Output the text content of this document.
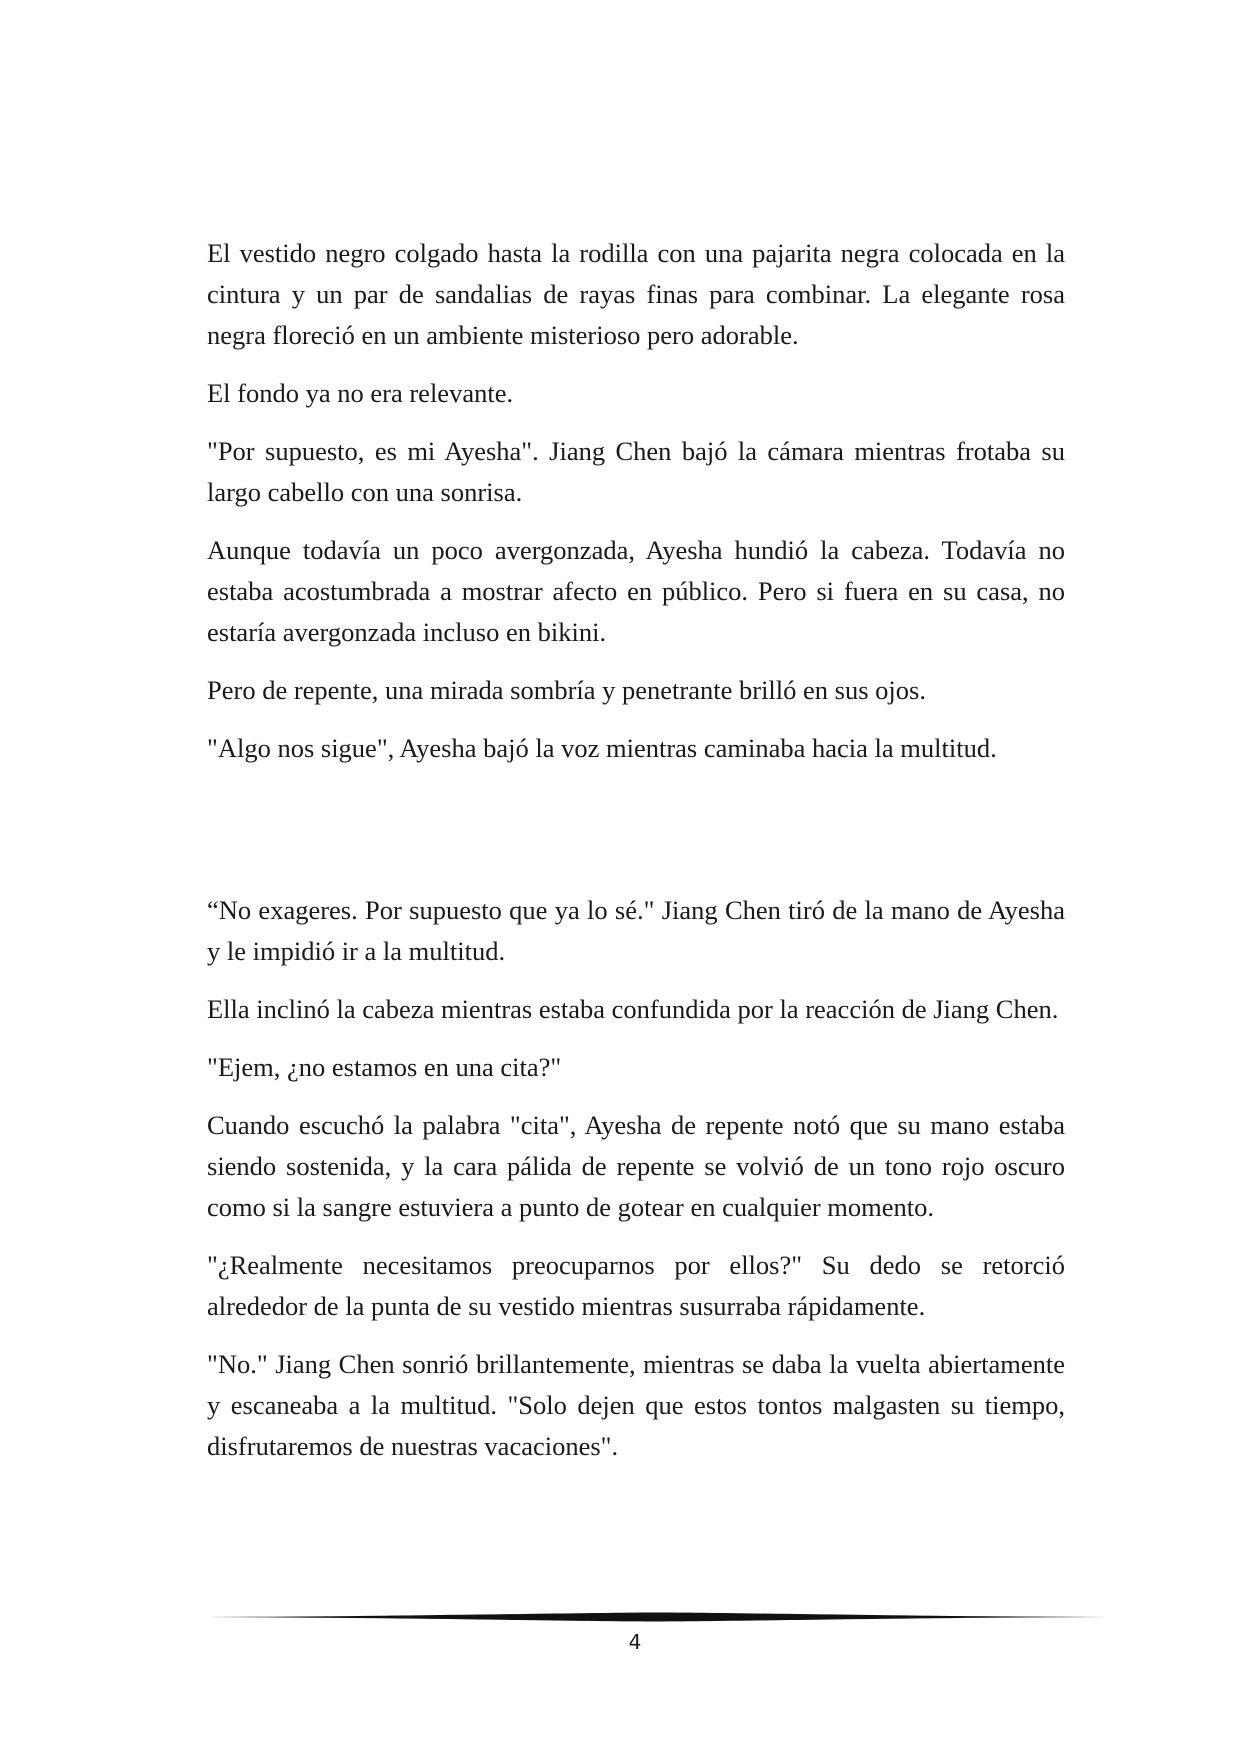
El vestido negro colgado hasta la rodilla con una pajarita negra colocada en la cintura y un par de sandalias de rayas finas para combinar. La elegante rosa negra floreció en un ambiente misterioso pero adorable.

El fondo ya no era relevante.

"Por supuesto, es mi Ayesha". Jiang Chen bajó la cámara mientras frotaba su largo cabello con una sonrisa.

Aunque todavía un poco avergonzada, Ayesha hundió la cabeza. Todavía no estaba acostumbrada a mostrar afecto en público. Pero si fuera en su casa, no estaría avergonzada incluso en bikini.

Pero de repente, una mirada sombría y penetrante brilló en sus ojos.

"Algo nos sigue", Ayesha bajó la voz mientras caminaba hacia la multitud.

“No exageres. Por supuesto que ya lo sé." Jiang Chen tiró de la mano de Ayesha y le impidió ir a la multitud.

Ella inclinó la cabeza mientras estaba confundida por la reacción de Jiang Chen.

"Ejem, ¿no estamos en una cita?"

Cuando escuchó la palabra "cita", Ayesha de repente notó que su mano estaba siendo sostenida, y la cara pálida de repente se volvió de un tono rojo oscuro como si la sangre estuviera a punto de gotear en cualquier momento.

"¿Realmente necesitamos preocuparnos por ellos?" Su dedo se retorció alrededor de la punta de su vestido mientras susurraba rápidamente.

"No." Jiang Chen sonrió brillantemente, mientras se daba la vuelta abiertamente y escaneaba a la multitud. "Solo dejen que estos tontos malgasten su tiempo, disfrutaremos de nuestras vacaciones".

4
